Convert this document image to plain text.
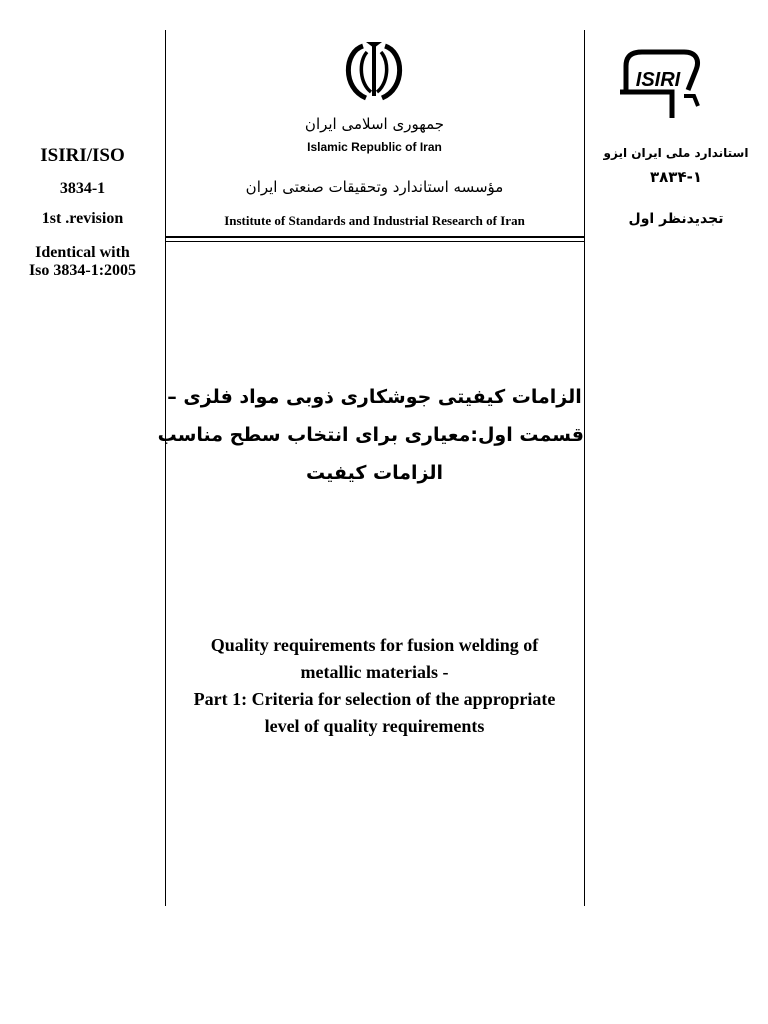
ISIRI/ISO
3834-1
1st .revision
Identical with
Iso 3834-1:2005
جمهوری اسلامی ایران
Islamic Republic of Iran
مؤسسه استاندارد وتحقیقات صنعتی ایران
Institute of Standards and Industrial Research of Iran
الزامات کیفیتی جوشکاری ذوبی مواد فلزی –
قسمت اول:معیاری برای انتخاب سطح مناسب
الزامات کیفیت
Quality requirements for fusion welding of
metallic materials -
Part 1: Criteria for selection of the appropriate
level of quality requirements
ISIRI
استاندارد ملی ایران ایزو
۳۸۳۴-۱
تجدیدنظر اول
